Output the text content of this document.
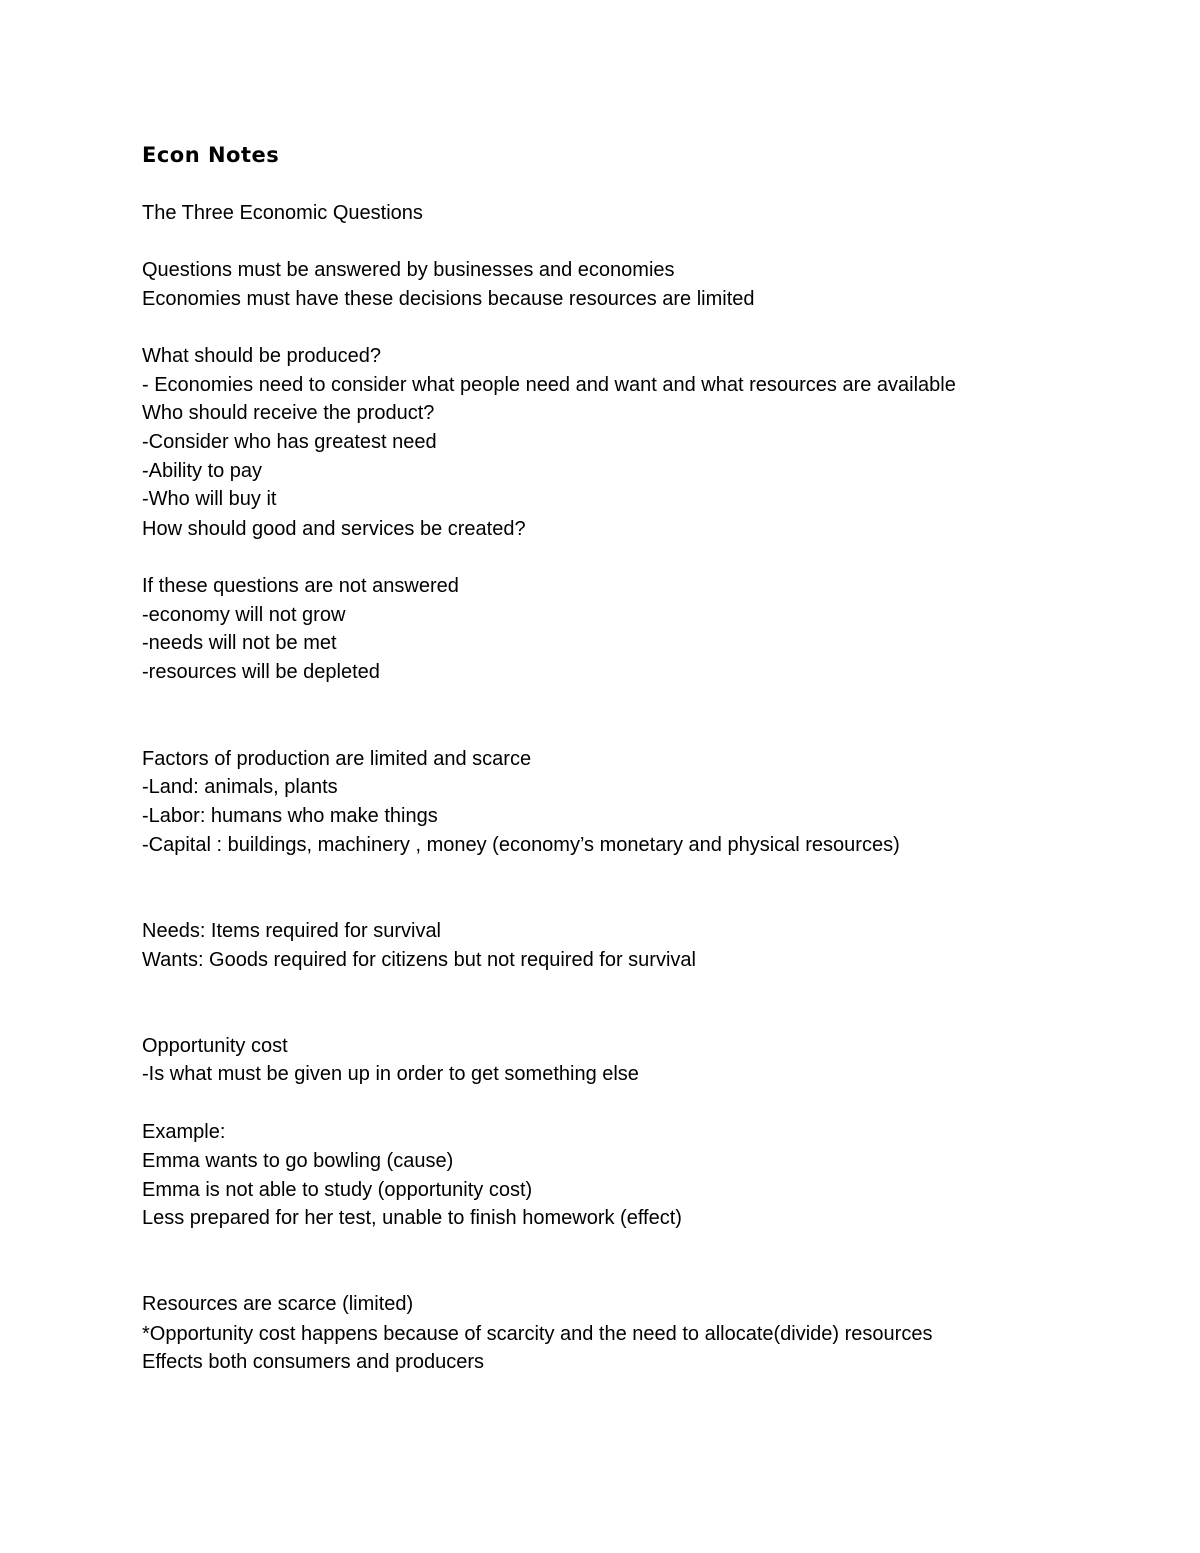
Econ Notes
The Three Economic Questions
Questions must be answered by businesses and economies
Economies must have these decisions because resources are limited
What should be produced?
- Economies need to consider what people need and want and what resources are available
Who should receive the product?
-Consider who has greatest need
-Ability to pay
-Who will buy it
How should good and services be created?
If these questions are not answered
-economy will not grow
-needs will not be met
-resources will be depleted
Factors of production are limited and scarce
-Land: animals, plants
-Labor: humans who make things
-Capital : buildings, machinery , money (economy’s monetary and physical resources)
Needs: Items required for survival
Wants: Goods required for citizens but not required for survival
Opportunity cost
-Is what must be given up in order to get something else
Example:
Emma wants to go bowling (cause)
Emma is not able to study (opportunity cost)
Less prepared for her test, unable to finish homework (effect)
Resources are scarce (limited)
*Opportunity cost happens because of scarcity and the need to allocate(divide) resources
Effects both consumers and producers
